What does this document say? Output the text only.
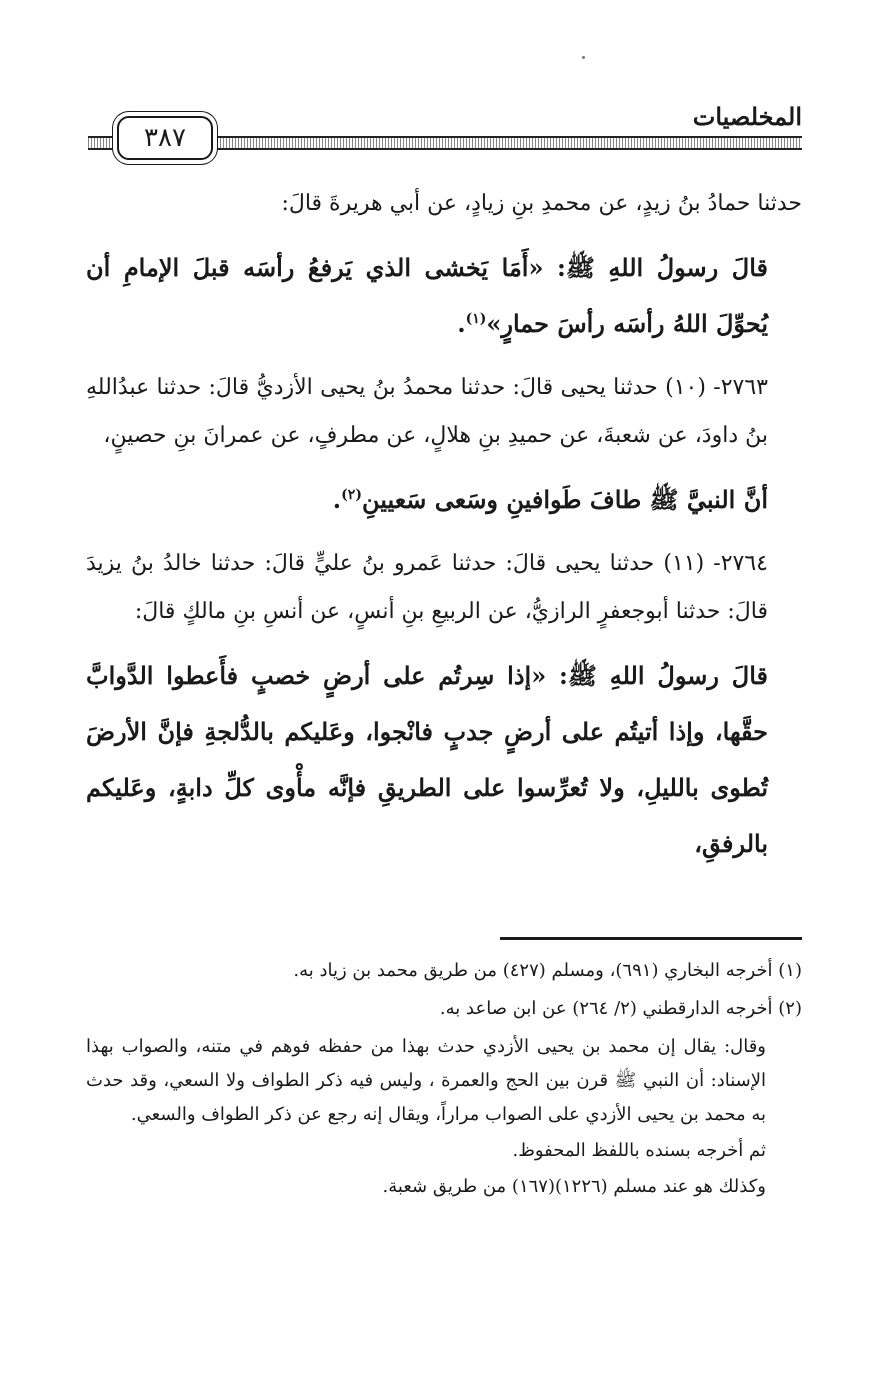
المخلصيات
٣٨٧

حدثنا حمادُ بنُ زيدٍ، عن محمدِ بنِ زيادٍ، عن أبي هريرةَ قالَ:

قالَ رسولُ اللهِ ﷺ: «أَمَا يَخشى الذي يَرفعُ رأسَه قبلَ الإمامِ أن يُحوِّلَ اللهُ رأسَه رأسَ حمارٍ»$^{(١)}$.

٢٧٦٣- (١٠) حدثنا يحيى قالَ: حدثنا محمدُ بنُ يحيى الأزديُّ قالَ: حدثنا عبدُاللهِ بنُ داودَ، عن شعبةَ، عن حميدِ بنِ هلالٍ، عن مطرفٍ، عن عمرانَ بنِ حصينٍ،

أنَّ النبيَّ ﷺ طافَ طَوافينِ وسَعى سَعيينِ$^{(٢)}$.

٢٧٦٤- (١١) حدثنا يحيى قالَ: حدثنا عَمرو بنُ عليٍّ قالَ: حدثنا خالدُ بنُ يزيدَ قالَ: حدثنا أبوجعفرٍ الرازيُّ، عن الربيعِ بنِ أنسٍ، عن أنسِ بنِ مالكٍ قالَ:

قالَ رسولُ اللهِ ﷺ: «إذا سِرتُم على أرضٍ خصبٍ فأَعطوا الدَّوابَّ حقَّها، وإذا أتيتُم على أرضٍ جدبٍ فانْجوا، وعَليكم بالدُّلجةِ فإنَّ الأرضَ تُطوى بالليلِ، ولا تُعرِّسوا على الطريقِ فإنَّه مأْوى كلِّ دابةٍ، وعَليكم بالرفقِ،

(١) أخرجه البخاري (٦٩١)، ومسلم (٤٢٧) من طريق محمد بن زياد به.

(٢) أخرجه الدارقطني (٢/ ٢٦٤) عن ابن صاعد به.

وقال: يقال إن محمد بن يحيى الأزدي حدث بهذا من حفظه فوهم في متنه، والصواب بهذا الإسناد: أن النبي ﷺ قرن بين الحج والعمرة ، وليس فيه ذكر الطواف ولا السعي، وقد حدث به محمد بن يحيى الأزدي على الصواب مراراً، ويقال إنه رجع عن ذكر الطواف والسعي.

ثم أخرجه بسنده باللفظ المحفوظ.

وكذلك هو عند مسلم (١٢٢٦)(١٦٧) من طريق شعبة.
